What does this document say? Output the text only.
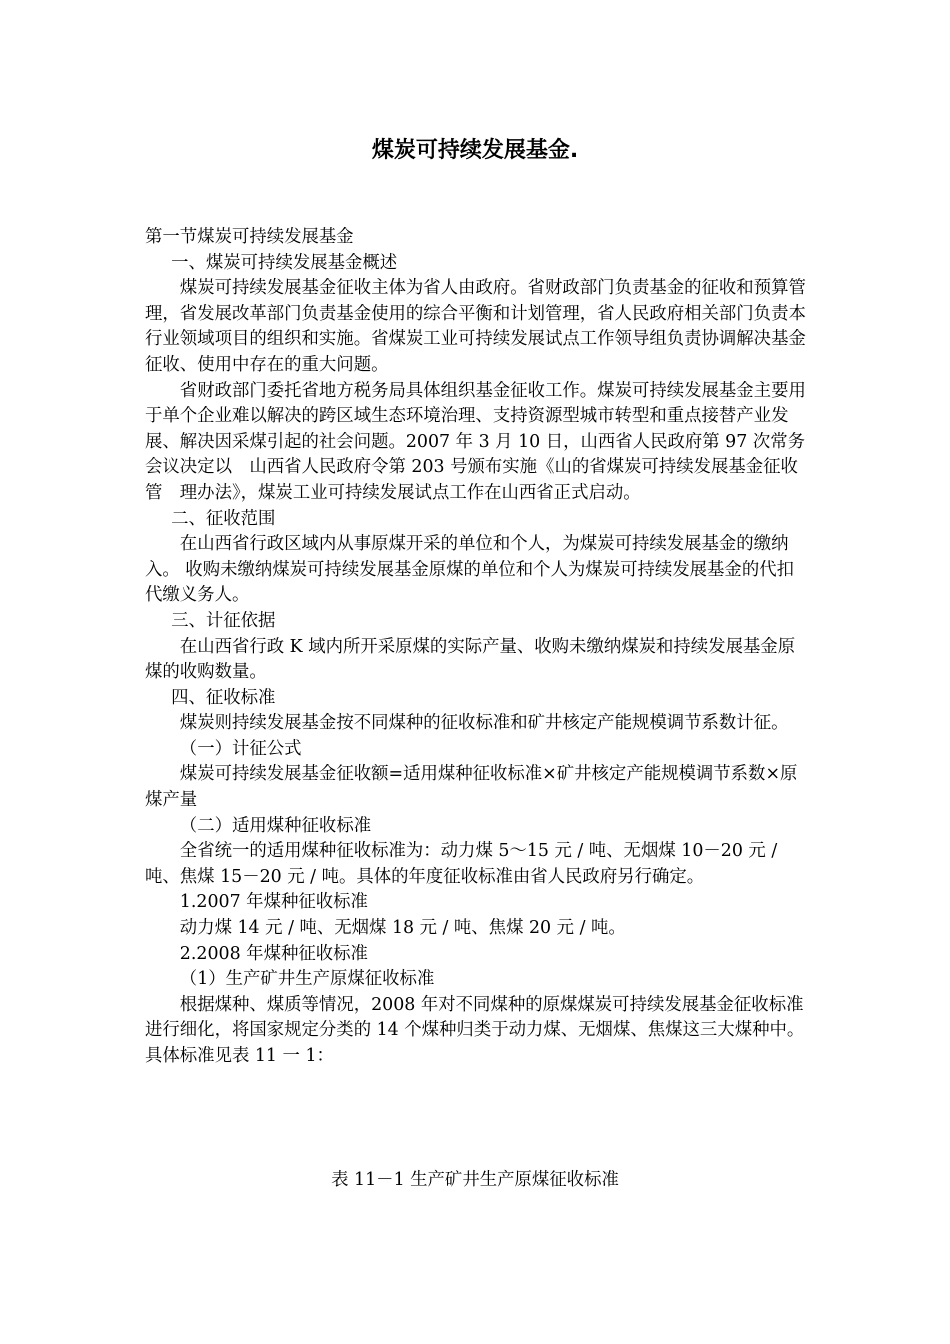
煤炭可持续发展基金.

第一节煤炭可持续发展基金

一、煤炭可持续发展基金概述

煤炭可持续发展基金征收主体为省人由政府。省财政部门负责基金的征收和预算管理，省发展改革部门负责基金使用的综合平衡和计划管理，省人民政府相关部门负责本行业领域项目的组织和实施。省煤炭工业可持续发展试点工作领导组负责协调解决基金征收、使用中存在的重大问题。

省财政部门委托省地方税务局具体组织基金征收工作。煤炭可持续发展基金主要用于单个企业难以解决的跨区域生态环境治理、支持资源型城市转型和重点接替产业发展、解决因采煤引起的社会问题。2007 年 3 月 10 日，山西省人民政府第 97 次常务会议决定以　山西省人民政府令第 203 号颁布实施《山的省煤炭可持续发展基金征收管　理办法》，煤炭工业可持续发展试点工作在山西省正式启动。

二、征收范围

在山西省行政区域内从事原煤开采的单位和个人，为煤炭可持续发展基金的缴纳入。 收购未缴纳煤炭可持续发展基金原煤的单位和个人为煤炭可持续发展基金的代扣代缴义务人。

三、计征依据

在山西省行政 K 域内所开采原煤的实际产量、收购未缴纳煤炭和持续发展基金原煤的收购数量。

四、征收标准

煤炭则持续发展基金按不同煤种的征收标准和矿井核定产能规模调节系数计征。

（一）计征公式

煤炭可持续发展基金征收额=适用煤种征收标准×矿井核定产能规模调节系数×原煤产量

（二）适用煤种征收标准

全省统一的适用煤种征收标准为：动力煤 5～15 元 / 吨、无烟煤 10－20 元 / 吨、焦煤 15－20 元 / 吨。具体的年度征收标准由省人民政府另行确定。

1.2007 年煤种征收标准

动力煤 14 元 / 吨、无烟煤 18 元 / 吨、焦煤 20 元 / 吨。

2.2008 年煤种征收标准

（1）生产矿井生产原煤征收标准

根据煤种、煤质等情况，2008 年对不同煤种的原煤煤炭可持续发展基金征收标准进行细化，将国家规定分类的 14 个煤种归类于动力煤、无烟煤、焦煤这三大煤种中。具体标准见表 11 一 1：

表 11－1 生产矿井生产原煤征收标准
